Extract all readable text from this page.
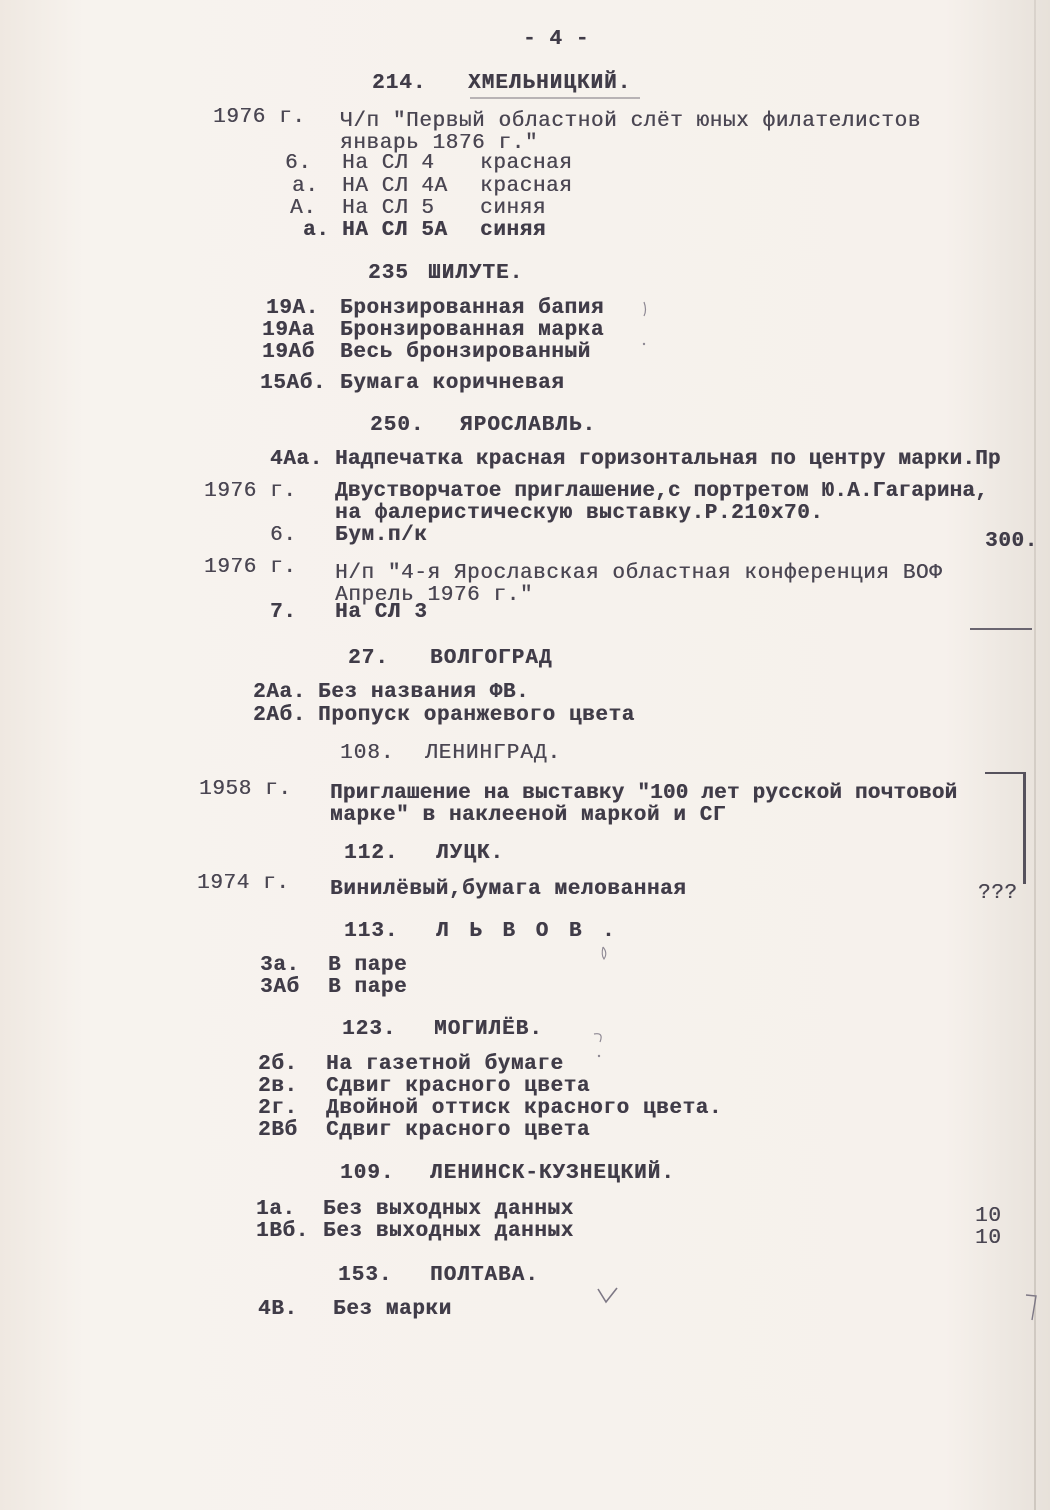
- 4 -
214. ХМЕЛЬНИЦКИЙ.
1976 г. Ч/п "Первый областной слёт юных филателистов
январь 1876 г."
6. На СЛ 4 красная
а. НА СЛ 4А красная
А. На СЛ 5 синяя
а. НА СЛ 5А синяя
235 ШИЛУТЕ.
19А. Бронзированная бапия
19Аа Бронзированная марка
19Аб Весь бронзированный
15Аб. Бумага коричневая
250. ЯРОСЛАВЛЬ.
4Аа. Надпечатка красная горизонтальная по центру марки.Пр
1976 г. Двустворчатое приглашение,с портретом Ю.А.Гагарина,
на фалеристическую выставку.Р.210х70.
6. Бум.п/к	300.
1976 г. Н/п "4-я Ярославская областная конференция ВОФ
Апрель 1976 г."
7. На СЛ 3
27. ВОЛГОГРАД
2Аа. Без названия ФВ.
2Аб. Пропуск оранжевого цвета
108. ЛЕНИНГРАД.
1958 г. Приглашение на выставку "100 лет русской почтовой
марке" в наклееной маркой и СГ
112. ЛУЦК.
1974 г. Винилёвый,бумага мелованная	???
113. Л Ь В О В .
3а. В паре
3Аб В паре
123. МОГИЛЁВ.
2б. На газетной бумаге
2в. Сдвиг красного цвета
2г. Двойной оттиск красного цвета.
2Вб Сдвиг красного цвета
109. ЛЕНИНСК-КУЗНЕЦКИЙ.
1а. Без выходных данных	10
1Вб. Без выходных данных	10
153. ПОЛТАВА.
4В. Без марки
